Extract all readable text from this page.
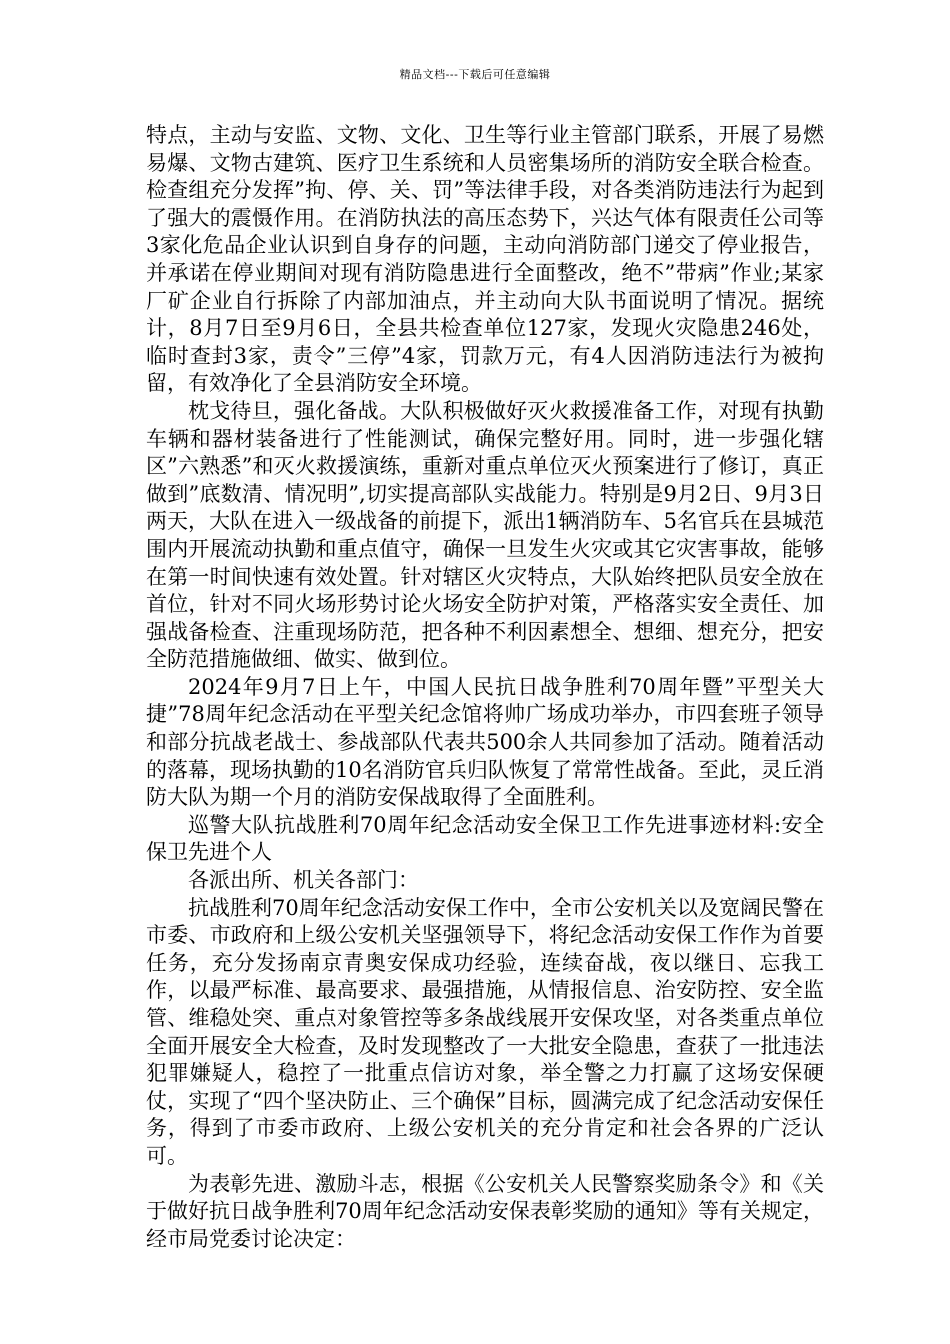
精品文档---下载后可任意编辑

特点，主动与安监、文物、文化、卫生等行业主管部门联系，开展了易燃易爆、文物古建筑、医疗卫生系统和人员密集场所的消防安全联合检查。检查组充分发挥”拘、停、关、罚”等法律手段，对各类消防违法行为起到了强大的震慑作用。在消防执法的高压态势下，兴达气体有限责任公司等3家化危品企业认识到自身存的问题，主动向消防部门递交了停业报告，并承诺在停业期间对现有消防隐患进行全面整改，绝不”带病”作业;某家厂矿企业自行拆除了内部加油点，并主动向大队书面说明了情况。据统计，8月7日至9月6日，全县共检查单位127家，发现火灾隐患246处，临时查封3家，责令”三停”4家，罚款万元，有4人因消防违法行为被拘留，有效净化了全县消防安全环境。

枕戈待旦，强化备战。大队积极做好灭火救援准备工作，对现有执勤车辆和器材装备进行了性能测试，确保完整好用。同时，进一步强化辖区”六熟悉”和灭火救援演练，重新对重点单位灭火预案进行了修订，真正做到”底数清、情况明”,切实提高部队实战能力。特别是9月2日、9月3日两天，大队在进入一级战备的前提下，派出1辆消防车、5名官兵在县城范围内开展流动执勤和重点值守，确保一旦发生火灾或其它灾害事故，能够在第一时间快速有效处置。针对辖区火灾特点，大队始终把队员安全放在首位，针对不同火场形势讨论火场安全防护对策，严格落实安全责任、加强战备检查、注重现场防范，把各种不利因素想全、想细、想充分，把安全防范措施做细、做实、做到位。

2024年9月7日上午，中国人民抗日战争胜利70周年暨”平型关大捷”78周年纪念活动在平型关纪念馆将帅广场成功举办，市四套班子领导和部分抗战老战士、参战部队代表共500余人共同参加了活动。随着活动的落幕，现场执勤的10名消防官兵归队恢复了常常性战备。至此，灵丘消防大队为期一个月的消防安保战取得了全面胜利。

巡警大队抗战胜利70周年纪念活动安全保卫工作先进事迹材料:安全保卫先进个人

各派出所、机关各部门：

抗战胜利70周年纪念活动安保工作中，全市公安机关以及宽阔民警在市委、市政府和上级公安机关坚强领导下，将纪念活动安保工作作为首要任务，充分发扬南京青奥安保成功经验，连续奋战，夜以继日、忘我工作，以最严标准、最高要求、最强措施，从情报信息、治安防控、安全监管、维稳处突、重点对象管控等多条战线展开安保攻坚，对各类重点单位全面开展安全大检查，及时发现整改了一大批安全隐患，查获了一批违法犯罪嫌疑人，稳控了一批重点信访对象，举全警之力打赢了这场安保硬仗，实现了“四个坚决防止、三个确保”目标，圆满完成了纪念活动安保任务，得到了市委市政府、上级公安机关的充分肯定和社会各界的广泛认可。

为表彰先进、激励斗志，根据《公安机关人民警察奖励条令》和《关于做好抗日战争胜利70周年纪念活动安保表彰奖励的通知》等有关规定，经市局党委讨论决定：
